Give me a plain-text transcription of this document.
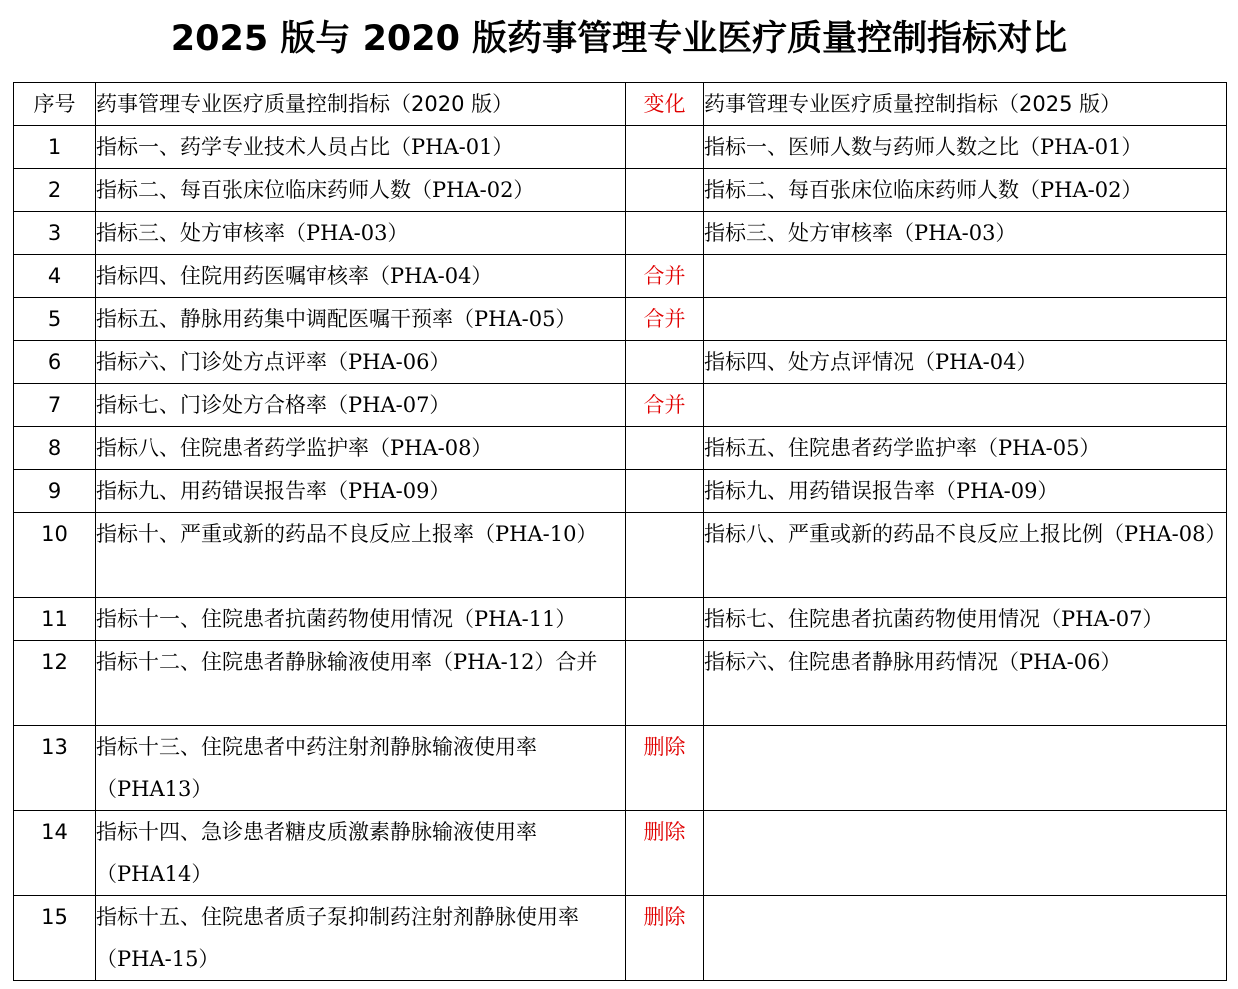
2025 版与 2020 版药事管理专业医疗质量控制指标对比
序号	药事管理专业医疗质量控制指标（2020 版）	变化	药事管理专业医疗质量控制指标（2025 版）
1	指标一、药学专业技术人员占比（PHA-01）		指标一、医师人数与药师人数之比（PHA-01）
2	指标二、每百张床位临床药师人数（PHA-02）		指标二、每百张床位临床药师人数（PHA-02）
3	指标三、处方审核率（PHA-03）		指标三、处方审核率（PHA-03）
4	指标四、住院用药医嘱审核率（PHA-04）	合并	
5	指标五、静脉用药集中调配医嘱干预率（PHA-05）	合并	
6	指标六、门诊处方点评率（PHA-06）		指标四、处方点评情况（PHA-04）
7	指标七、门诊处方合格率（PHA-07）	合并	
8	指标八、住院患者药学监护率（PHA-08）		指标五、住院患者药学监护率（PHA-05）
9	指标九、用药错误报告率（PHA-09）		指标九、用药错误报告率（PHA-09）
10	指标十、严重或新的药品不良反应上报率（PHA-10）		指标八、严重或新的药品不良反应上报比例（PHA-08）
11	指标十一、住院患者抗菌药物使用情况（PHA-11）		指标七、住院患者抗菌药物使用情况（PHA-07）
12	指标十二、住院患者静脉输液使用率（PHA-12）合并		指标六、住院患者静脉用药情况（PHA-06）
13	指标十三、住院患者中药注射剂静脉输液使用率（PHA13）	删除	
14	指标十四、急诊患者糖皮质激素静脉输液使用率（PHA14）	删除	
15	指标十五、住院患者质子泵抑制药注射剂静脉使用率 （PHA-15）	删除	
